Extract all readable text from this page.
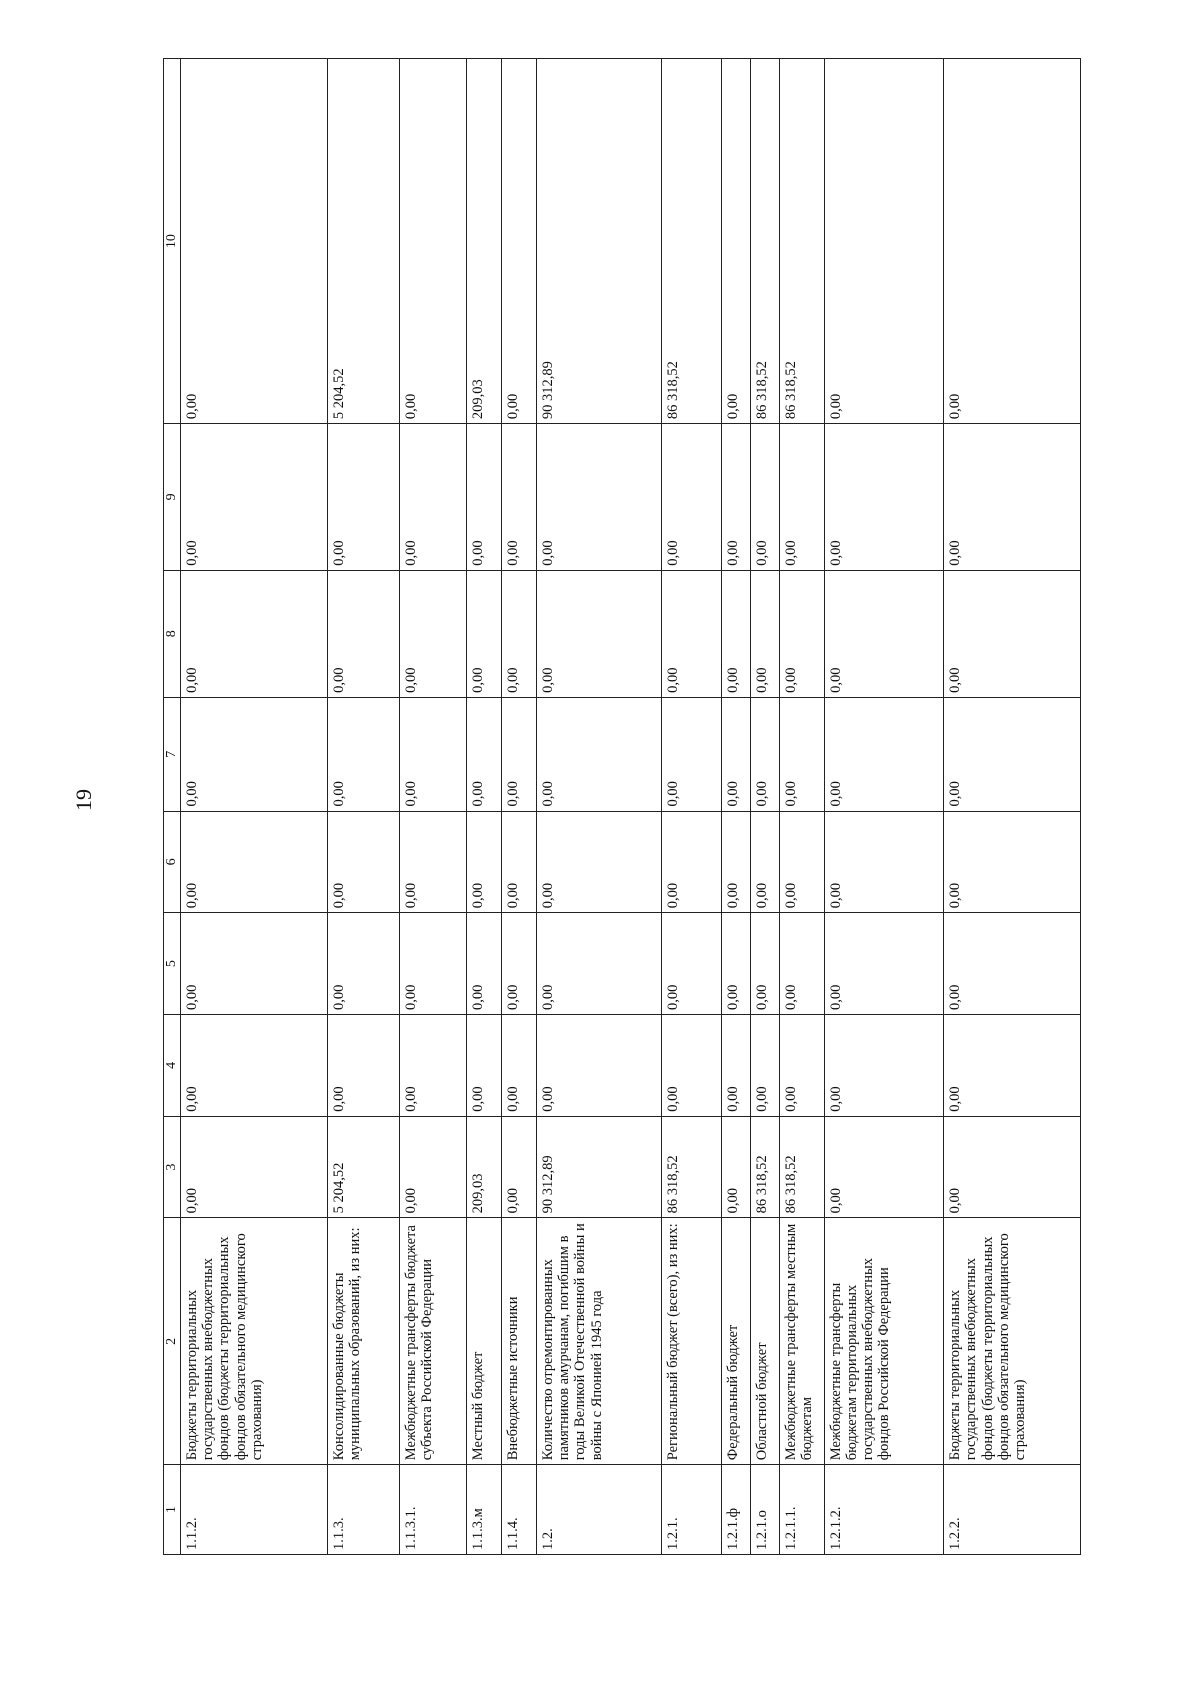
19
1	2	3	4	5	6	7	8	9	10
1.1.2.	Бюджеты территориальных государственных внебюджетных фондов (бюджеты территориальных фондов обязательного медицинского страхования)	0,00	0,00	0,00	0,00	0,00	0,00	0,00	0,00
1.1.3.	Консолидированные бюджеты муниципальных образований, из них:	5 204,52	0,00	0,00	0,00	0,00	0,00	0,00	5 204,52
1.1.3.1.	Межбюджетные трансферты бюджета субъекта Российской Федерации	0,00	0,00	0,00	0,00	0,00	0,00	0,00	0,00
1.1.3.м	Местный бюджет	209,03	0,00	0,00	0,00	0,00	0,00	0,00	209,03
1.1.4.	Внебюджетные источники	0,00	0,00	0,00	0,00	0,00	0,00	0,00	0,00
1.2.	Количество отремонтированных памятников амурчанам, погибшим в годы Великой Отечественной войны и войны с Японией 1945 года	90 312,89	0,00	0,00	0,00	0,00	0,00	0,00	90 312,89
1.2.1.	Региональный бюджет (всего), из них:	86 318,52	0,00	0,00	0,00	0,00	0,00	0,00	86 318,52
1.2.1.ф	Федеральный бюджет	0,00	0,00	0,00	0,00	0,00	0,00	0,00	0,00
1.2.1.о	Областной бюджет	86 318,52	0,00	0,00	0,00	0,00	0,00	0,00	86 318,52
1.2.1.1.	Межбюджетные трансферты местным бюджетам	86 318,52	0,00	0,00	0,00	0,00	0,00	0,00	86 318,52
1.2.1.2.	Межбюджетные трансферты бюджетам территориальных государственных внебюджетных фондов Российской Федерации	0,00	0,00	0,00	0,00	0,00	0,00	0,00	0,00
1.2.2.	Бюджеты территориальных государственных внебюджетных фондов (бюджеты территориальных фондов обязательного медицинского страхования)	0,00	0,00	0,00	0,00	0,00	0,00	0,00	0,00
